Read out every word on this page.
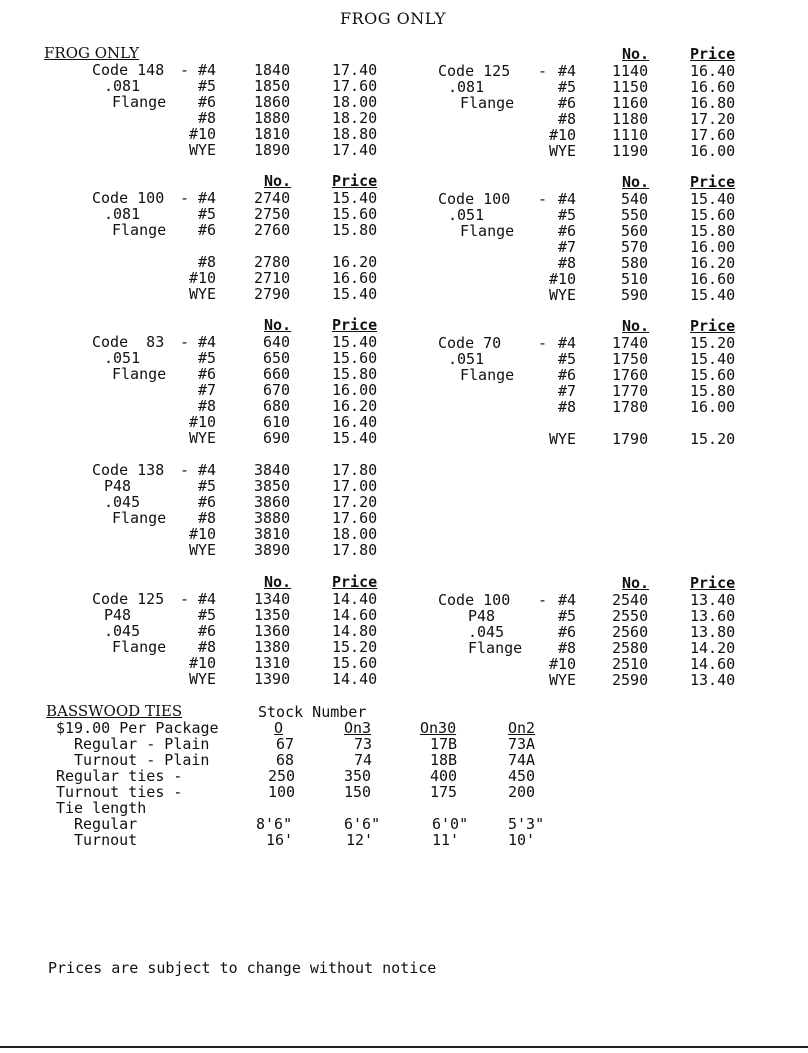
FROG ONLY
FROG ONLY
Code 148 - #4	1840	17.40
.081	#5	1850	17.60
Flange #6	1860	18.00
#8	1880	18.20
#10	1810	18.80
WYE	1890	17.40
No.	Price
Code 125 - #4 1140	16.40
.081	#5 1150	16.60
Flange	#6 1160	16.80
#8 1180	17.20
#10 1110	17.60
WYE 1190	16.00
No.	Price
Code 100 - #4	2740	15.40
.081	#5	2750	15.60
Flange #6	2760	15.80
#8	2780	16.20
#10	2710	16.60
WYE	2790	15.40
No.	Price
Code 100 - #4	540	15.40
.051	#5	550	15.60
Flange	#6	560	15.80
#7	570	16.00
#8	580	16.20
#10	510	16.60
WYE	590	15.40
No.	Price
Code  83 - #4	640	15.40
.051	#5	650	15.60
Flange #6	660	15.80
#7	670	16.00
#8	680	16.20
#10	610	16.40
WYE	690	15.40
No.	Price
Code 70 - #4 1740	15.20
.051	#5 1750	15.40
Flange	#6 1760	15.60
#7 1770	15.80
#8 1780	16.00
WYE 1790	15.20
Code 138 - #4	3840	17.80
P48	#5	3850	17.00
.045	#6	3860	17.20
Flange #8	3880	17.60
#10	3810	18.00
WYE	3890	17.80
No.	Price
Code 125 - #4	1340	14.40
P48	#5	1350	14.60
.045	#6	1360	14.80
Flange #8	1380	15.20
#10	1310	15.60
WYE	1390	14.40
No.	Price
Code 100 - #4 2540	13.40
P48	#5 2550	13.60
.045	#6 2560	13.80
Flange #8 2580	14.20
#10 2510	14.60
WYE 2590	13.40
BASSWOOD TIES	Stock Number
$19.00 Per Package	O	On3	On30	On2
Regular - Plain	67	73	17B	73A
Turnout - Plain	68	74	18B	74A
Regular ties -	250	350	400	450
Turnout ties -	100	150	175	200
Tie length
Regular	8'6"	6'6"	6'0"	5'3"
Turnout	16'	12'	11'	10'
Prices are subject to change without notice
